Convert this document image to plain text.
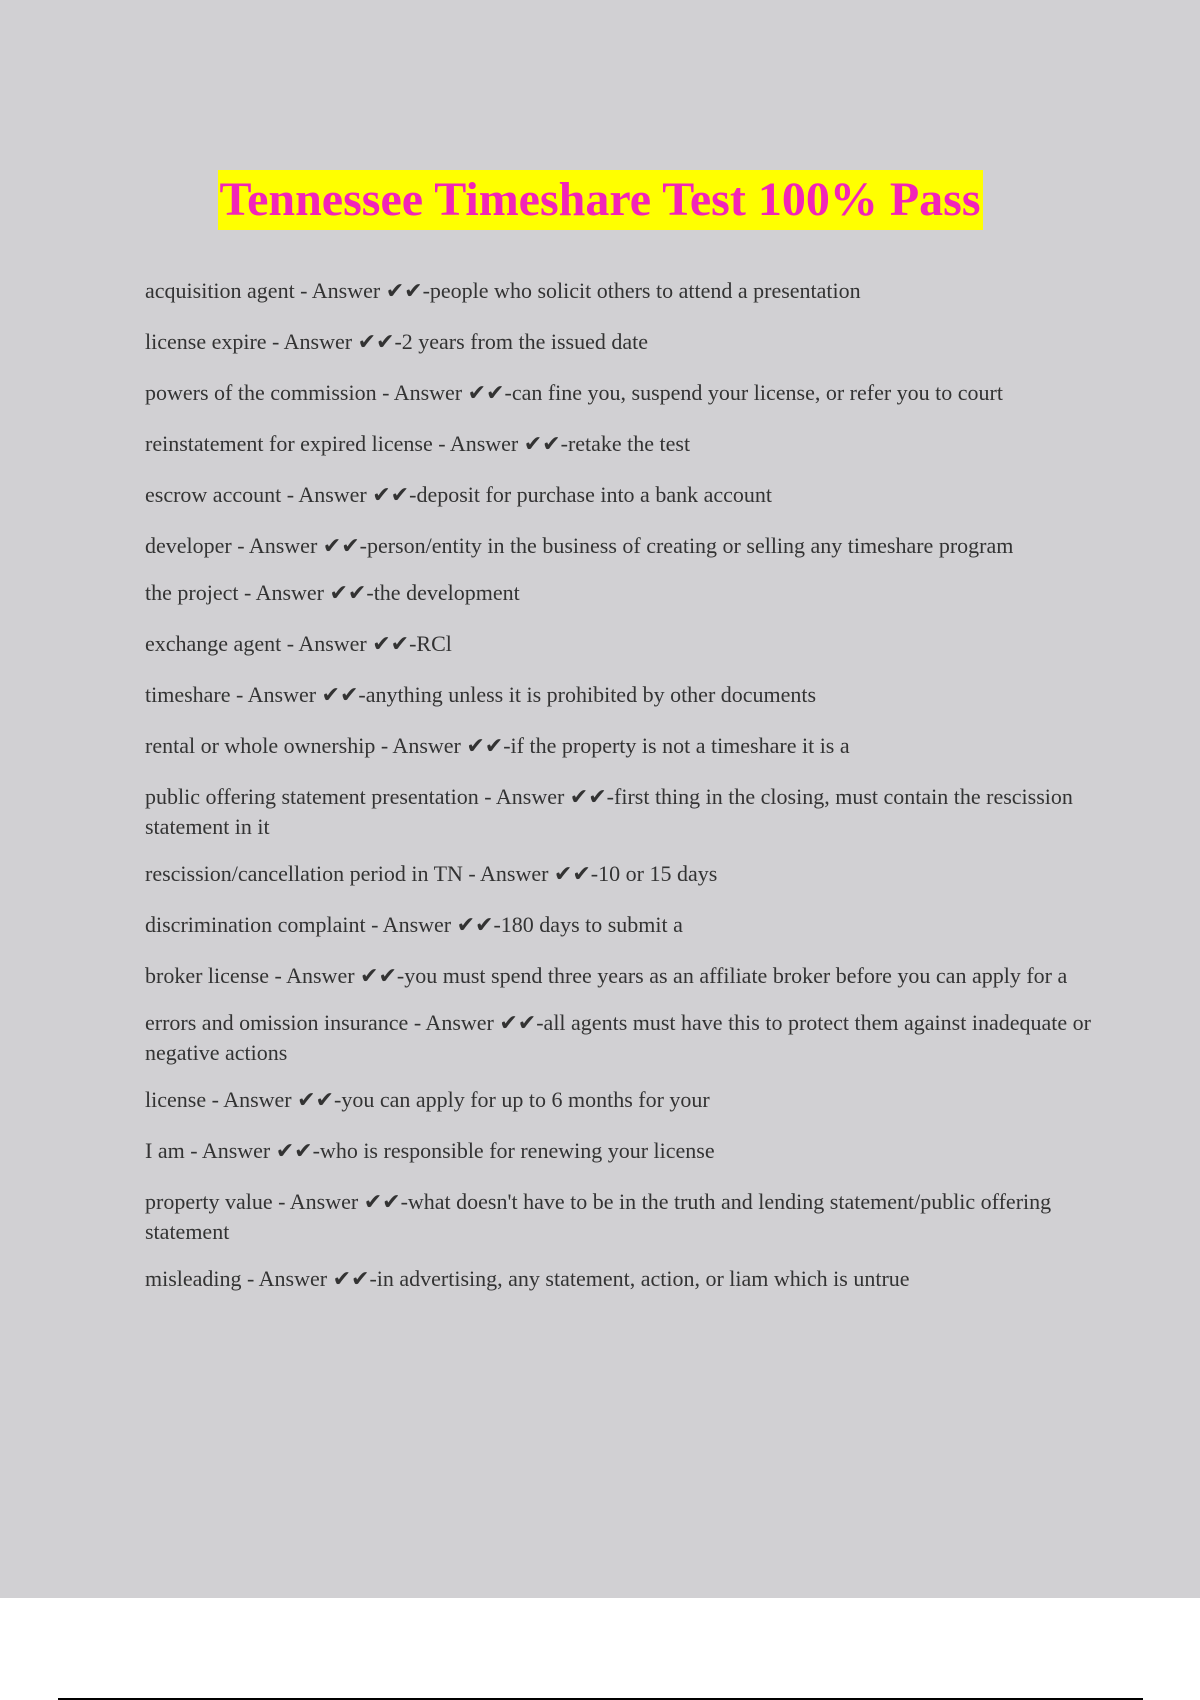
Tennessee Timeshare Test 100% Pass
acquisition agent - Answer ✔✔-people who solicit others to attend a presentation
license expire - Answer ✔✔-2 years from the issued date
powers of the commission - Answer ✔✔-can fine you, suspend your license, or refer you to court
reinstatement for expired license - Answer ✔✔-retake the test
escrow account - Answer ✔✔-deposit for purchase into a bank account
developer - Answer ✔✔-person/entity in the business of creating or selling any timeshare program
the project - Answer ✔✔-the development
exchange agent - Answer ✔✔-RCl
timeshare - Answer ✔✔-anything unless it is prohibited by other documents
rental or whole ownership - Answer ✔✔-if the property is not a timeshare it is a
public offering statement presentation - Answer ✔✔-first thing in the closing, must contain the rescission statement in it
rescission/cancellation period in TN - Answer ✔✔-10 or 15 days
discrimination complaint - Answer ✔✔-180 days to submit a
broker license - Answer ✔✔-you must spend three years as an affiliate broker before you can apply for a
errors and omission insurance - Answer ✔✔-all agents must have this to protect them against inadequate or negative actions
license - Answer ✔✔-you can apply for up to 6 months for your
I am - Answer ✔✔-who is responsible for renewing your license
property value - Answer ✔✔-what doesn't have to be in the truth and lending statement/public offering statement
misleading - Answer ✔✔-in advertising, any statement, action, or liam which is untrue
